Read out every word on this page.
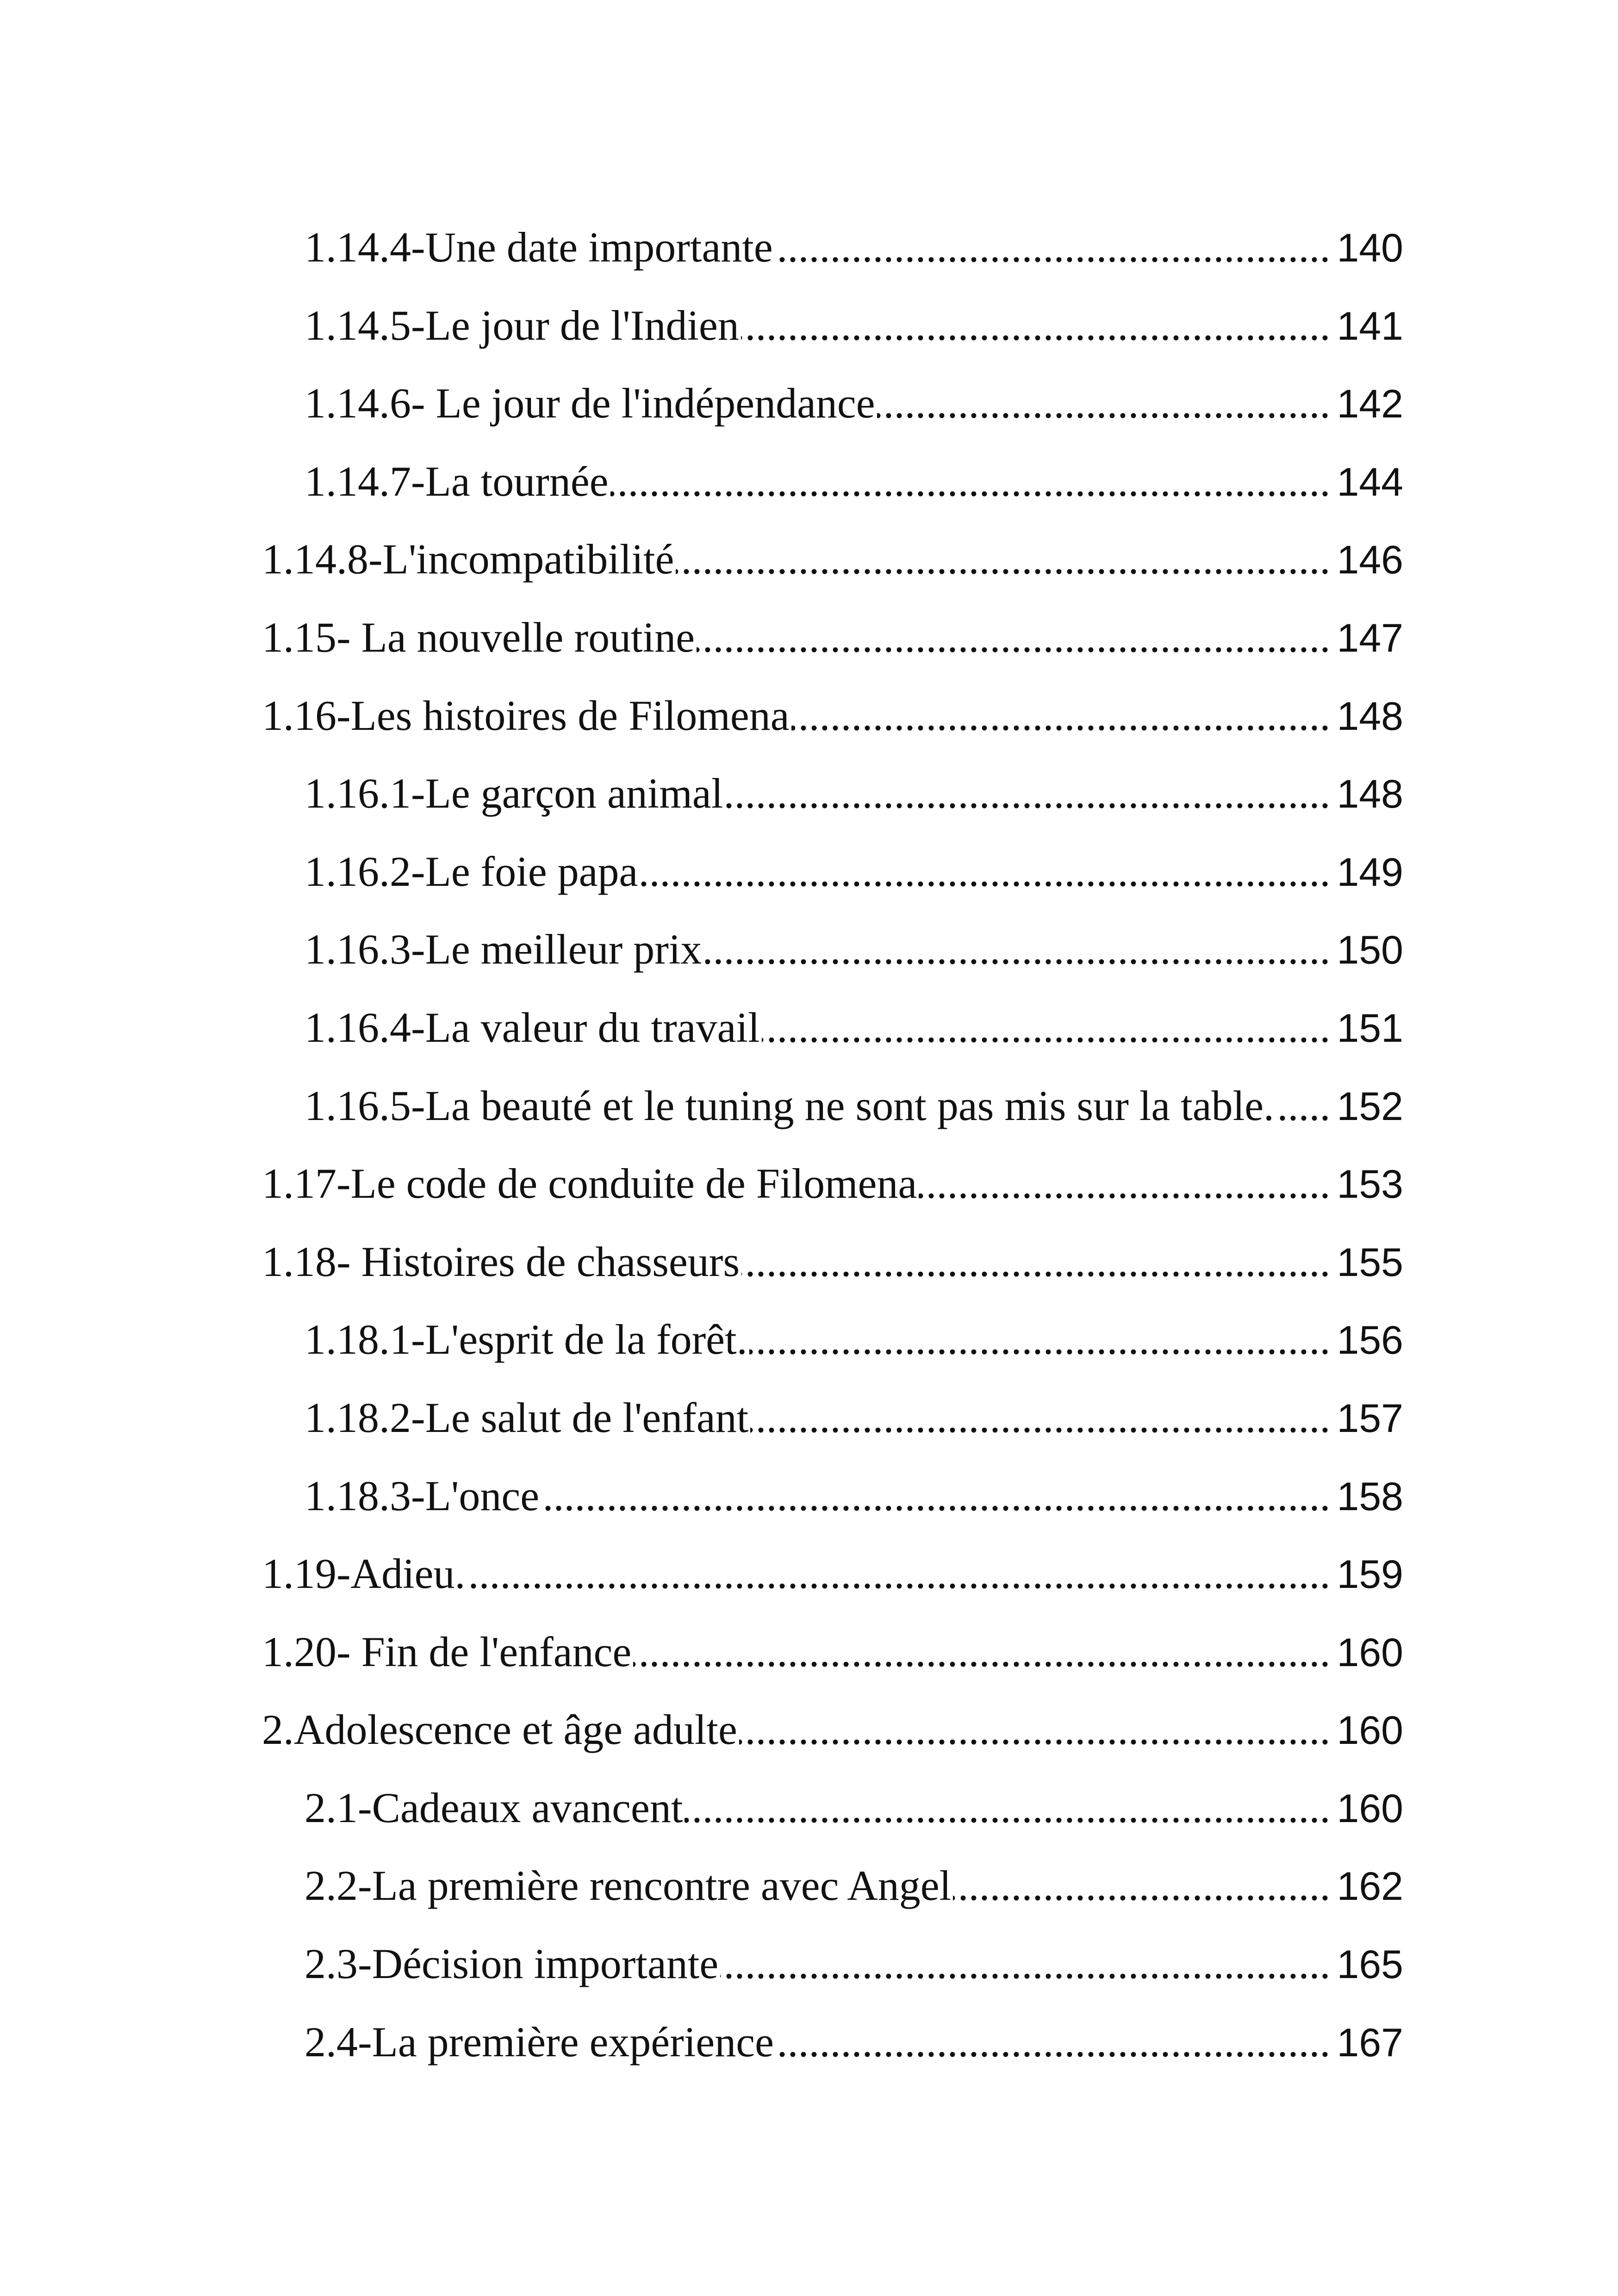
1.14.4-Une date importante .....	140
1.14.5-Le jour de l'Indien .....	141
1.14.6- Le jour de l'indépendance .....	142
1.14.7-La tournée .....	144
1.14.8-L'incompatibilité .....	146
1.15- La nouvelle routine .....	147
1.16-Les histoires de Filomena .....	148
1.16.1-Le garçon animal .....	148
1.16.2-Le foie papa .....	149
1.16.3-Le meilleur prix .....	150
1.16.4-La valeur du travail .....	151
1.16.5-La beauté et le tuning ne sont pas mis sur la table. ..... 152
1.17-Le code de conduite de Filomena .....	153
1.18- Histoires de chasseurs .....	155
1.18.1-L'esprit de la forêt. .....	156
1.18.2-Le salut de l'enfant .....	157
1.18.3-L'once .....	158
1.19-Adieu. .....	159
1.20- Fin de l'enfance .....	160
2.Adolescence et âge adulte .....	160
2.1-Cadeaux avancent .....	160
2.2-La première rencontre avec Angel .....	162
2.3-Décision importante .....	165
2.4-La première expérience .....	167
